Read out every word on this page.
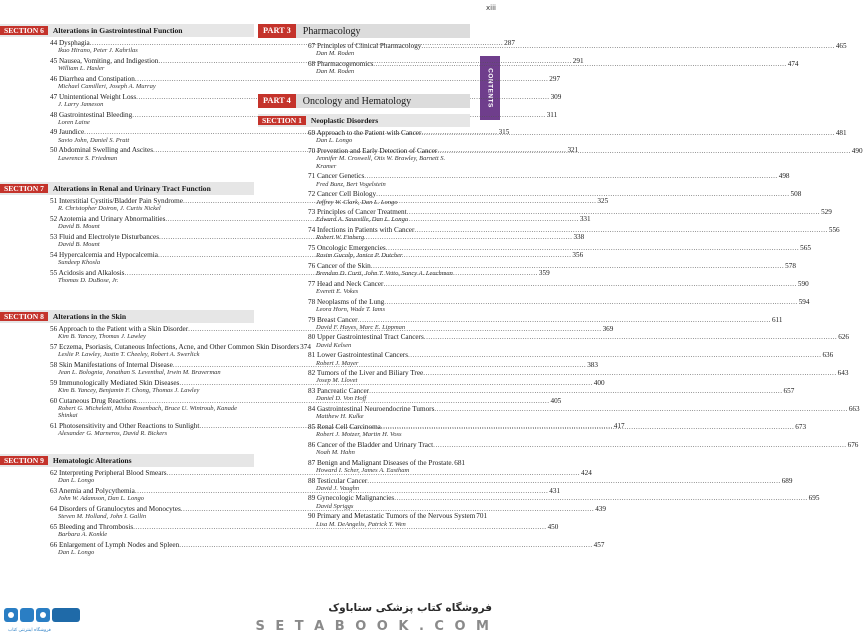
xiii
CONTENTS
SECTION 6	Alterations in Gastrointestinal Function
44 Dysphagia .....	287
Ikuo Hirano, Peter J. Kahrilas
45 Nausea, Vomiting, and Indigestion .....	291
William L. Hasler
46 Diarrhea and Constipation .....	297
Michael Camilleri, Joseph A. Murray
47 Unintentional Weight Loss .....	309
J. Larry Jameson
48 Gastrointestinal Bleeding .....	311
Loren Laine
49 Jaundice .....	315
Savio John, Daniel S. Pratt
50 Abdominal Swelling and Ascites .....	321
Lawrence S. Friedman
SECTION 7	Alterations in Renal and Urinary Tract Function
51 Interstitial Cystitis/Bladder Pain Syndrome .....	325
R. Christopher Doiron, J. Curtis Nickel
52 Azotemia and Urinary Abnormalities .....	331
David B. Mount
53 Fluid and Electrolyte Disturbances .....	338
David B. Mount
54 Hypercalcemia and Hypocalcemia .....	356
Sundeep Khosla
55 Acidosis and Alkalosis .....	359
Thomas D. DuBose, Jr.
SECTION 8	Alterations in the Skin
56 Approach to the Patient with a Skin Disorder .....	369
Kim B. Yancey, Thomas J. Lawley
57 Eczema, Psoriasis, Cutaneous Infections, Acne, and Other Common Skin Disorders 374
Leslie P. Lawley, Justin T. Cheeley, Robert A. Swerlick
58 Skin Manifestations of Internal Disease .....	383
Jean L. Bolognia, Jonathan S. Leventhal, Irwin M. Braverman
59 Immunologically Mediated Skin Diseases .....	400
Kim B. Yancey, Benjamin F. Chong, Thomas J. Lawley
60 Cutaneous Drug Reactions .....	405
Robert G. Micheletti, Misha Rosenbach, Bruce U. Wintroub, Kanade Shinkai
61 Photosensitivity and Other Reactions to Sunlight .....	417
Alexander G. Marneros, David R. Bickers
SECTION 9	Hematologic Alterations
62 Interpreting Peripheral Blood Smears .....	424
Dan L. Longo
63 Anemia and Polycythemia .....	431
John W. Adamson, Dan L. Longo
64 Disorders of Granulocytes and Monocytes .....	439
Steven M. Holland, John I. Gallin
65 Bleeding and Thrombosis .....	450
Barbara A. Konkle
66 Enlargement of Lymph Nodes and Spleen .....	457
Dan L. Longo
PART 3	Pharmacology
67 Principles of Clinical Pharmacology .....	465
Dan M. Roden
68 Pharmacogenomics .....	474
Dan M. Roden
PART 4	Oncology and Hematology
SECTION 1	Neoplastic Disorders
69 Approach to the Patient with Cancer .....	481
Dan L. Longo
70 Prevention and Early Detection of Cancer .....	490
Jennifer M. Croswell, Otis W. Brawley, Barnett S. Kramer
71 Cancer Genetics .....	498
Fred Bunz, Bert Vogelstein
72 Cancer Cell Biology .....	508
Jeffrey W. Clark, Dan L. Longo
73 Principles of Cancer Treatment .....	529
Edward A. Sausville, Dan L. Longo
74 Infections in Patients with Cancer .....	556
Robert W. Finberg
75 Oncologic Emergencies .....	565
Rasim Gucalp, Janice P. Dutcher
76 Cancer of the Skin .....	578
Brendan D. Curti, John T. Vetto, Sancy A. Leachman
77 Head and Neck Cancer .....	590
Everett E. Vokes
78 Neoplasms of the Lung .....	594
Leora Horn, Wade T. Iams
79 Breast Cancer .....	611
David F. Hayes, Marc E. Lippman
80 Upper Gastrointestinal Tract Cancers .....	626
David Kelsen
81 Lower Gastrointestinal Cancers .....	636
Robert J. Mayer
82 Tumors of the Liver and Biliary Tree .....	643
Josep M. Llovet
83 Pancreatic Cancer .....	657
Daniel D. Von Hoff
84 Gastrointestinal Neuroendocrine Tumors .....	663
Matthew H. Kulke
85 Renal Cell Carcinoma .....	673
Robert J. Motzer, Martin H. Voss
86 Cancer of the Bladder and Urinary Tract .....	676
Noah M. Hahn
87 Benign and Malignant Diseases of the Prostate ..... 681
Howard I. Scher, James A. Eastham
88 Testicular Cancer .....	689
David J. Vaughn
89 Gynecologic Malignancies .....	695
David Spriggs
90 Primary and Metastatic Tumors of the Nervous System 701
Lisa M. DeAngelis, Patrick Y. Wen
فروشگاه اینترنتی کتاب
فروشگاه کتاب پزشکی ستاباوک
S E T A B O O K . C O M
